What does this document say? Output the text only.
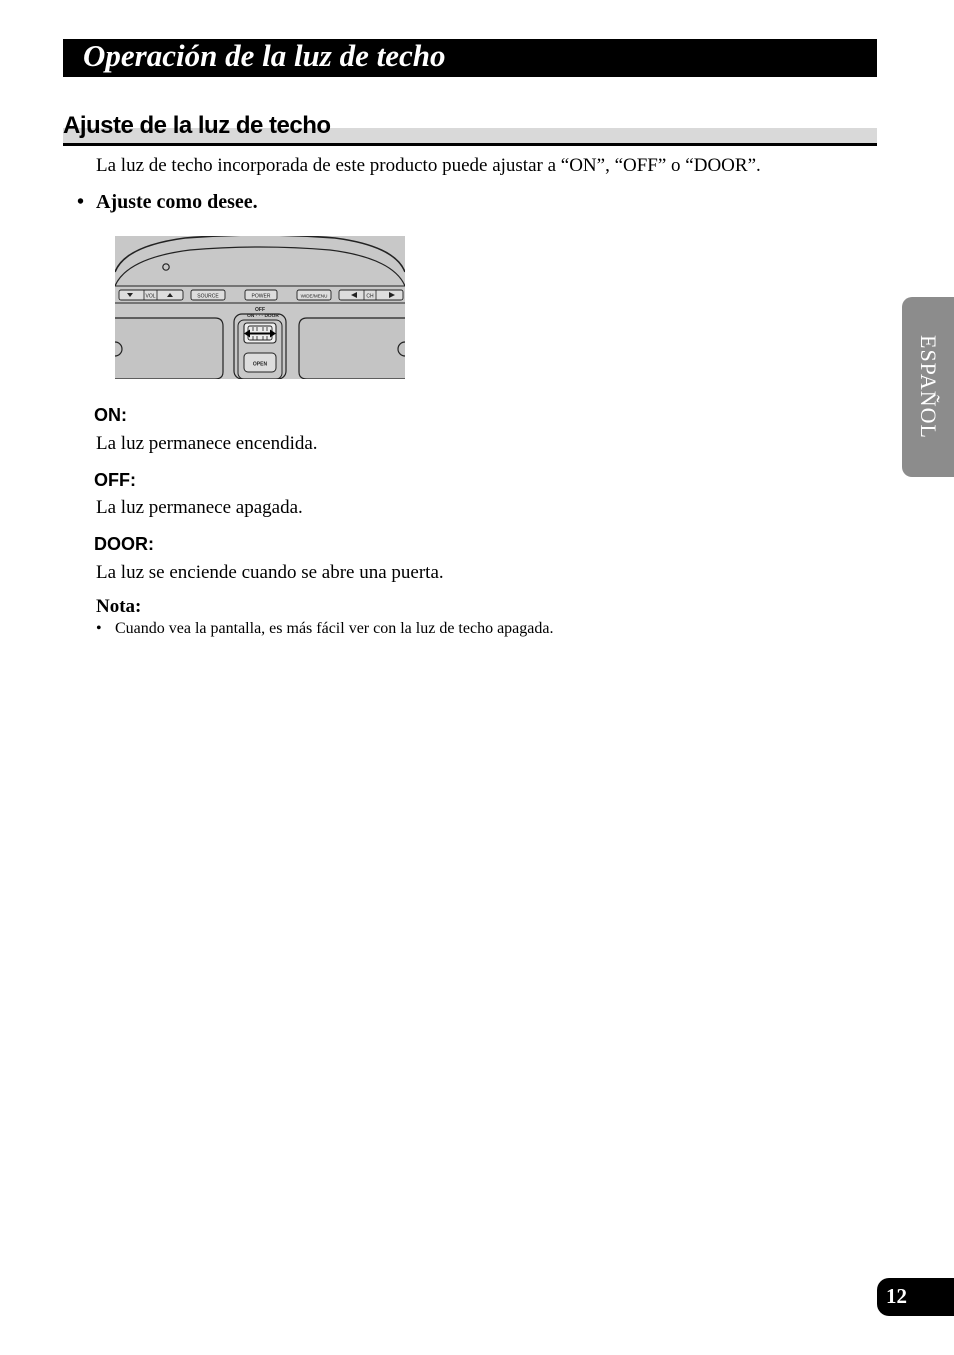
Operación de la luz de techo
Ajuste de la luz de techo
La luz de techo incorporada de este producto puede ajustar a “ON”, “OFF” o “DOOR”.
• Ajuste como desee.
VOL	SOURCE	POWER	WIDE/MENU	CH
OFF
ON · · · DOOR
OPEN
ON:
La luz permanece encendida.
OFF:
La luz permanece apagada.
DOOR:
La luz se enciende cuando se abre una puerta.
Nota:
• Cuando vea la pantalla, es más fácil ver con la luz de techo apagada.
ESPAÑOL
12
